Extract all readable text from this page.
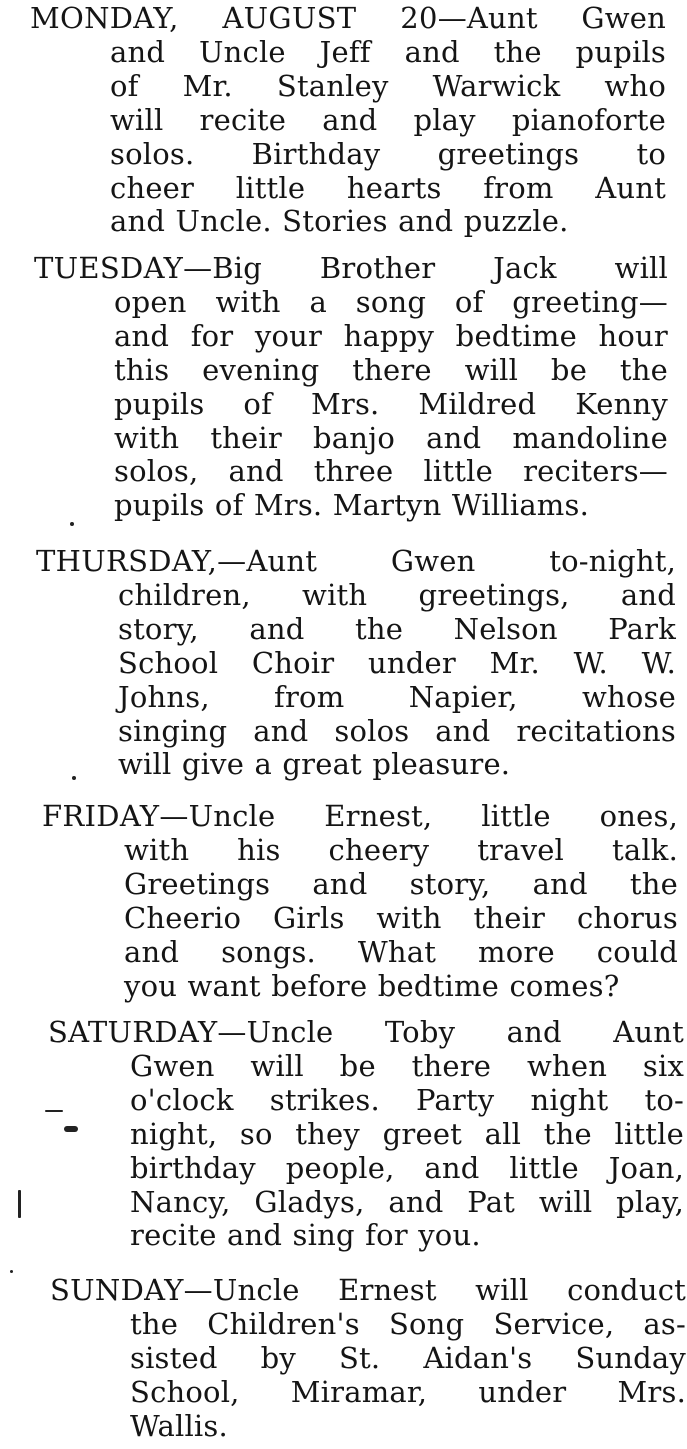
MONDAY, AUGUST 20—Aunt Gwen
and Uncle Jeff and the pupils
of Mr. Stanley Warwick who
will recite and play pianoforte
solos. Birthday greetings to
cheer little hearts from Aunt
and Uncle. Stories and puzzle.
TUESDAY—Big Brother Jack will
open with a song of greeting—
and for your happy bedtime hour
this evening there will be the
pupils of Mrs. Mildred Kenny
with their banjo and mandoline
solos, and three little reciters—
pupils of Mrs. Martyn Williams.
THURSDAY,—Aunt Gwen to-night,
children, with greetings, and
story, and the Nelson Park
School Choir under Mr. W. W.
Johns, from Napier, whose
singing and solos and recitations
will give a great pleasure.
FRIDAY—Uncle Ernest, little ones,
with his cheery travel talk.
Greetings and story, and the
Cheerio Girls with their chorus
and songs. What more could
you want before bedtime comes?
SATURDAY—Uncle Toby and Aunt
Gwen will be there when six
o'clock strikes. Party night to-
night, so they greet all the little
birthday people, and little Joan,
Nancy, Gladys, and Pat will play,
recite and sing for you.
SUNDAY—Uncle Ernest will conduct
the Children's Song Service, as-
sisted by St. Aidan's Sunday
School, Miramar, under Mrs.
Wallis.
